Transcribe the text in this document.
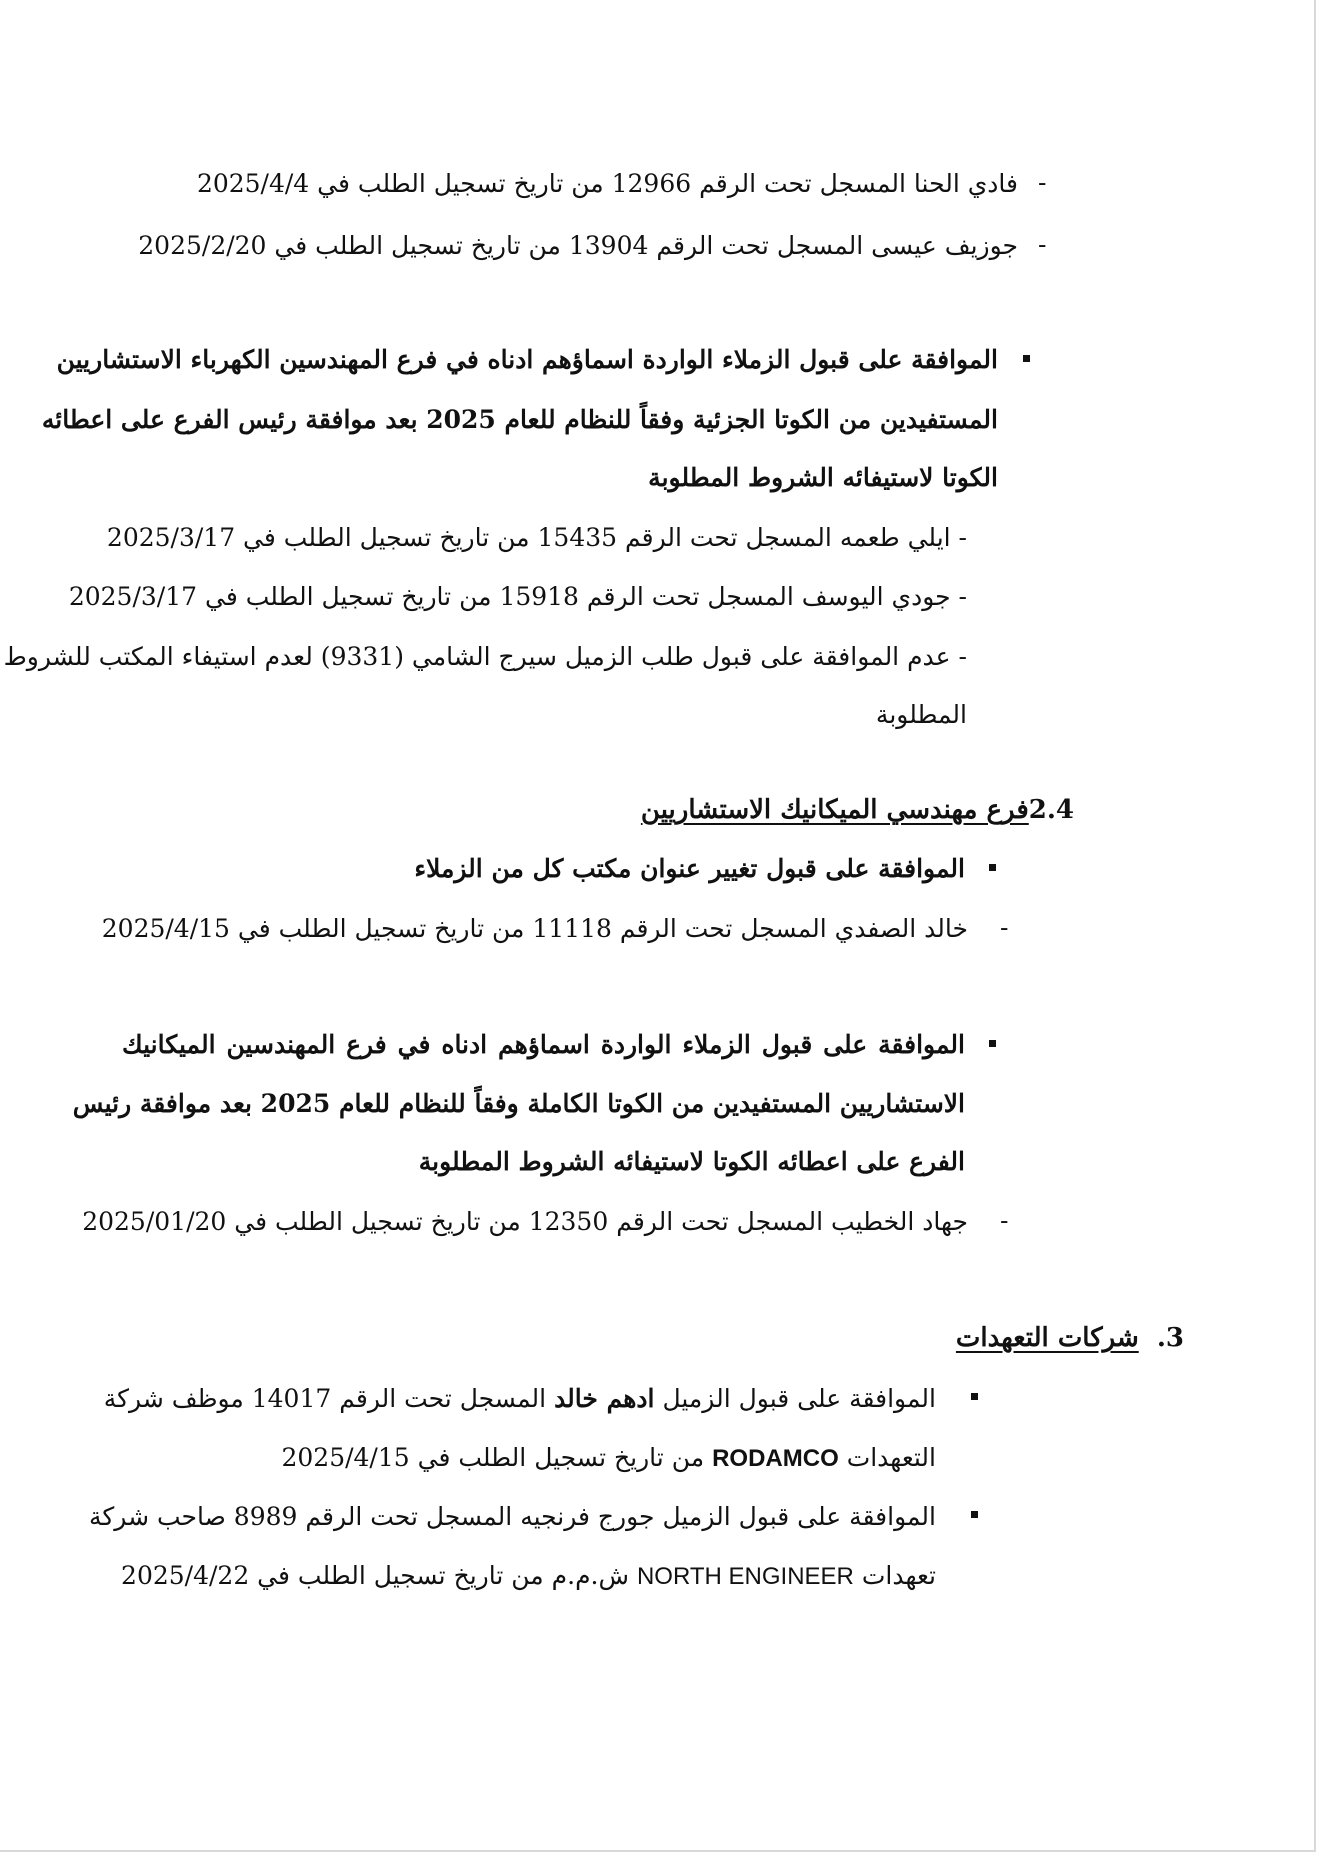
-
فادي الحنا المسجل تحت الرقم 12966 من تاريخ تسجيل الطلب في 2025/4/4
-
جوزيف عيسى المسجل تحت الرقم 13904 من تاريخ تسجيل الطلب في 2025/2/20
الموافقة على قبول الزملاء الواردة اسماؤهم ادناه في فرع المهندسين الكهرباء الاستشاريين
المستفيدين من الكوتا الجزئية وفقاً للنظام للعام 2025 بعد موافقة رئيس الفرع على اعطائه
الكوتا لاستيفائه الشروط المطلوبة
- ايلي طعمه المسجل تحت الرقم 15435 من تاريخ تسجيل الطلب في 2025/3/17
- جودي اليوسف المسجل تحت الرقم 15918 من تاريخ تسجيل الطلب في 2025/3/17
- عدم الموافقة على قبول طلب الزميل سيرج الشامي (9331) لعدم استيفاء المكتب للشروط
المطلوبة
2.4فرع مهندسي الميكانيك الاستشاريين
الموافقة على قبول تغيير عنوان مكتب كل من الزملاء
-
خالد الصفدي المسجل تحت الرقم 11118 من تاريخ تسجيل الطلب في 2025/4/15
الموافقة على قبول الزملاء الواردة اسماؤهم ادناه في فرع المهندسين الميكانيك
الاستشاريين المستفيدين من الكوتا الكاملة وفقاً للنظام للعام 2025 بعد موافقة رئيس
الفرع على اعطائه الكوتا لاستيفائه الشروط المطلوبة
-
جهاد الخطيب المسجل تحت الرقم 12350 من تاريخ تسجيل الطلب في 2025/01/20
3.  شركات التعهدات
الموافقة على قبول الزميل ادهم خالد المسجل تحت الرقم 14017 موظف شركة
التعهدات RODAMCO من تاريخ تسجيل الطلب في 2025/4/15
الموافقة على قبول الزميل جورج فرنجيه المسجل تحت الرقم 8989 صاحب شركة
تعهدات NORTH ENGINEER ش.م.م من تاريخ تسجيل الطلب في 2025/4/22
